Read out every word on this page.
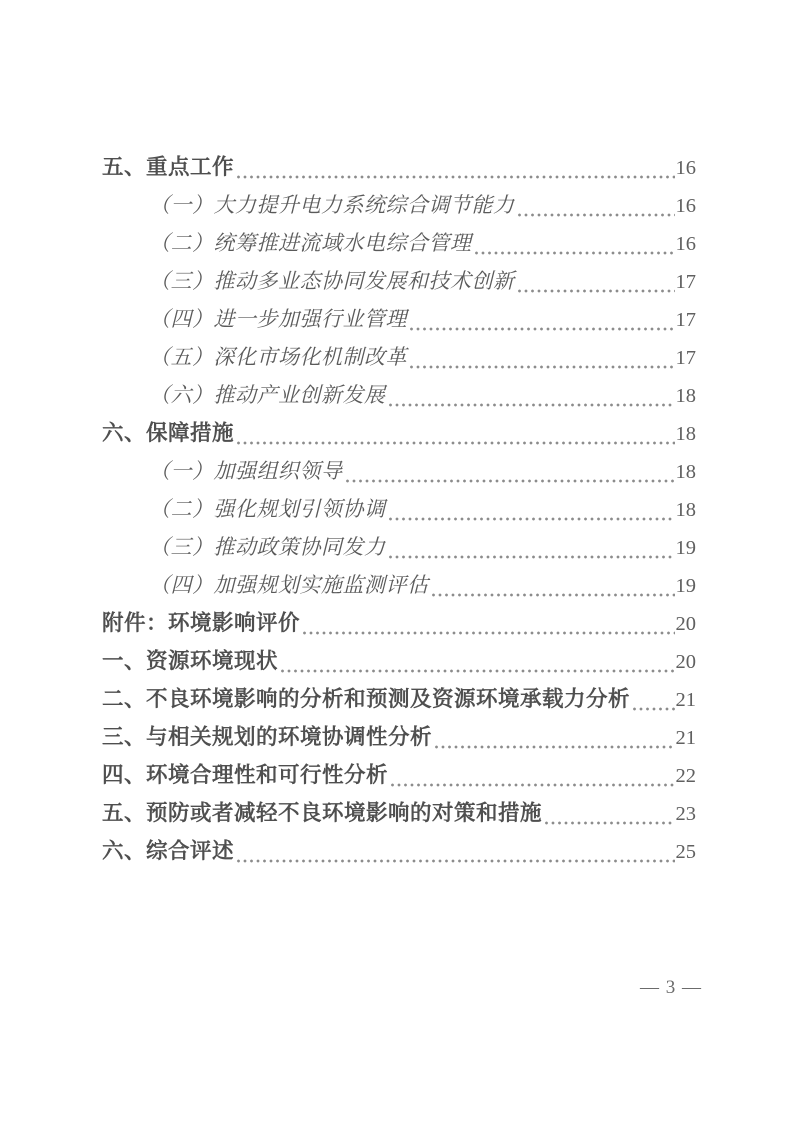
五、重点工作	16
（一）大力提升电力系统综合调节能力	16
（二）统筹推进流域水电综合管理	16
（三）推动多业态协同发展和技术创新	17
（四）进一步加强行业管理	17
（五）深化市场化机制改革	17
（六）推动产业创新发展	18
六、保障措施	18
（一）加强组织领导	18
（二）强化规划引领协调	18
（三）推动政策协同发力	19
（四）加强规划实施监测评估	19
附件：环境影响评价	20
一、资源环境现状	20
二、不良环境影响的分析和预测及资源环境承载力分析 21
三、与相关规划的环境协调性分析	21
四、环境合理性和可行性分析	22
五、预防或者减轻不良环境影响的对策和措施	23
六、综合评述	25
— 3 —
